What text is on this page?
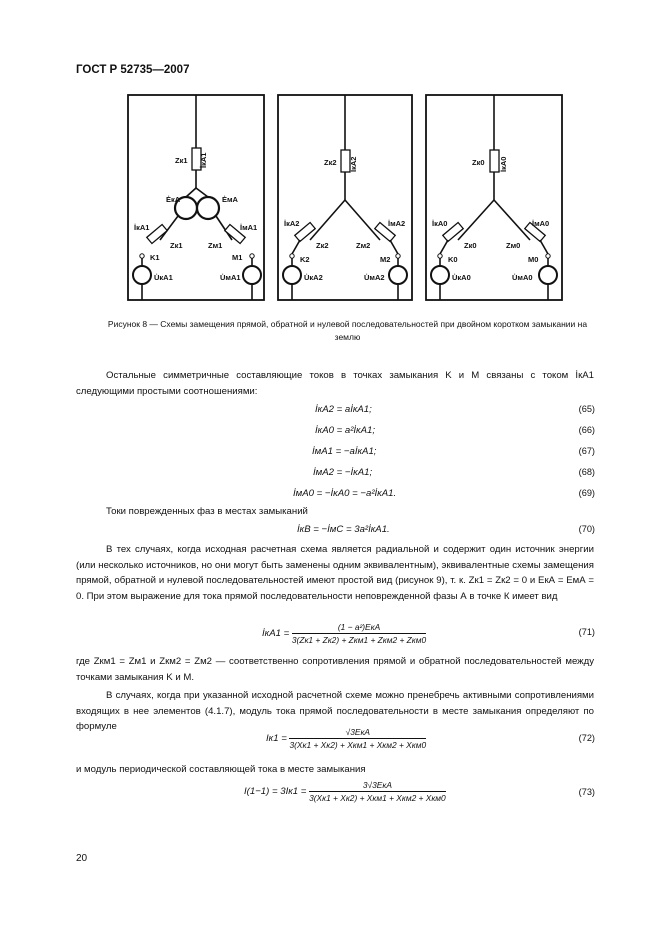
ГОСТ Р 52735—2007
Zк1 İкА1
ĖкА	ĖмА
İкА1	İмА1
Zк1	Zм1
K1	M1
U̇кА1	U̇мА1
Zк2 İкА2
İкА2	İмА2
Zк2	Zм2
K2	M2
U̇кА2	U̇мА2
Zк0 İкА0
İкА0	İмА0
Zк0	Zм0
K0	M0
U̇кА0	U̇мА0
Рисунок 8 — Схемы замещения прямой, обратной и нулевой последовательностей при двойном коротком замыкании на землю
Остальные симметричные составляющие токов в точках замыкания K и M связаны с током İкА1 следующими простыми соотношениями:
İкА2 = aİкА1;	(65)
İкА0 = a²İкА1;	(66)
İмА1 = −aİкА1;	(67)
İмА2 = −İкА1;	(68)
İмА0 = −İкА0 = −a²İкА1.	(69)
Токи поврежденных фаз в местах замыканий
İкВ = −İмС = 3a²İкА1.	(70)
В тех случаях, когда исходная расчетная схема является радиальной и содержит один источник энергии (или несколько источников, но они могут быть заменены одним эквивалентным), эквивалентные схемы замещения прямой, обратной и нулевой последовательностей имеют простой вид (рисунок 9), т. к. Zк1 = Zк2 = 0 и EкА = EмА = 0. При этом выражение для тока прямой последовательности неповрежденной фазы А в точке К имеет вид
İкА1 = $\frac{\text{(1 − a²)EкА}}{\text{3(Zк1 + Zк2) + Zкм1 + Zкм2 + Zкм0}}$	(71)
где Zкм1 = Zм1 и Zкм2 = Zм2 — соответственно сопротивления прямой и обратной последовательностей между точками замыкания K и M.
В случаях, когда при указанной исходной расчетной схеме можно пренебречь активными сопротивлениями входящих в нее элементов (4.1.7), модуль тока прямой последовательности в месте замыкания определяют по формуле
$Iк1 = \frac{\text{√3EкА}}{\text{3(Xк1 + Xк2) + Xкм1 + Xкм2 + Xкм0}}$	(72)
и модуль периодической составляющей тока в месте замыкания
$I(1-1) = 3Iк1 = \frac{\text{3√3EкА}}{\text{3(Xк1 + Xк2) + Xкм1 + Xкм2 + Xкм0}}$	(73)
20
